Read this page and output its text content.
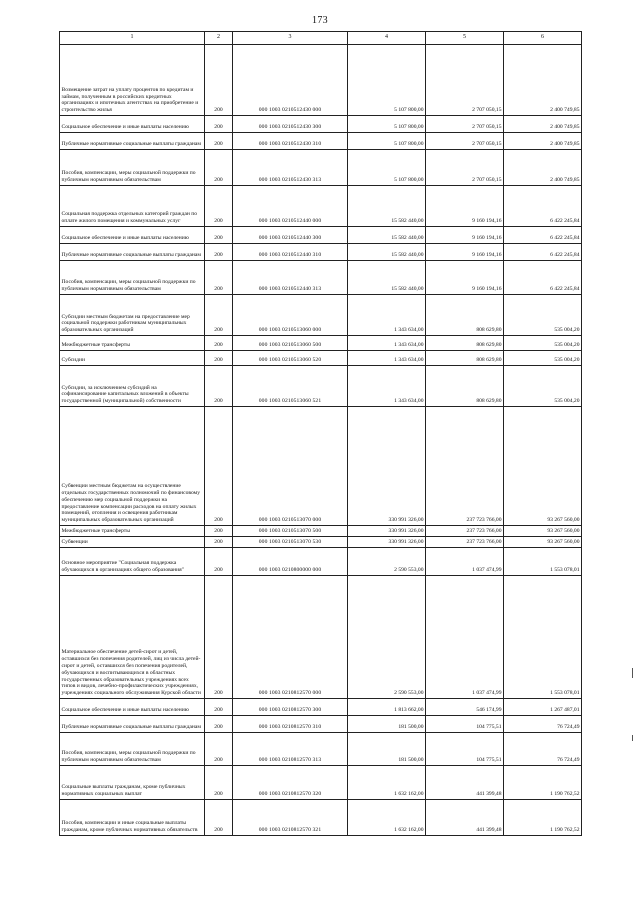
173
1	2	3	4	5	6
Возмещение затрат на уплату процентов по кредитам и займам, полученным в российских кредитных организациях и ипотечных агентствах на приобретение и строительство жилья	200	000 1003 0210512430 000	5 107 800,00	2 707 050,15	2 400 749,85
Социальное обеспечение и иные выплаты населению	200	000 1003 0210512430 300	5 107 800,00	2 707 050,15	2 400 749,85
Публичные нормативные социальные выплаты гражданам	200	000 1003 0210512430 310	5 107 800,00	2 707 050,15	2 400 749,85
Пособия, компенсации, меры социальной поддержки по публичным нормативным обязательствам	200	000 1003 0210512430 313	5 107 800,00	2 707 050,15	2 400 749,85
Социальная поддержка отдельных категорий граждан по оплате жилого помещения и коммунальных услуг	200	000 1003 0210512440 000	15 582 440,00	9 160 194,16	6 422 245,84
Социальное обеспечение и иные выплаты населению	200	000 1003 0210512440 300	15 582 440,00	9 160 194,16	6 422 245,84
Публичные нормативные социальные выплаты гражданам	200	000 1003 0210512440 310	15 582 440,00	9 160 194,16	6 422 245,84
Пособия, компенсации, меры социальной поддержки по публичным нормативным обязательствам	200	000 1003 0210512440 313	15 582 440,00	9 160 194,16	6 422 245,84
Субсидии местным бюджетам на предоставление мер социальной поддержки работникам муниципальных образовательных организаций	200	000 1003 0210513060 000	1 343 634,00	808 629,80	535 004,20
Межбюджетные трансферты	200	000 1003 0210513060 500	1 343 634,00	808 629,80	535 004,20
Субсидии	200	000 1003 0210513060 520	1 343 634,00	808 629,80	535 004,20
Субсидии, за исключением субсидий на софинансирование капитальных вложений в объекты государственной (муниципальной) собственности	200	000 1003 0210513060 521	1 343 634,00	808 629,80	535 004,20
Субвенции местным бюджетам на осуществление отдельных государственных полномочий по финансовому обеспечению мер социальной поддержки на предоставление компенсации расходов на оплату жилых помещений, отопления и освещения работникам муниципальных образовательных организаций	200	000 1003 0210513070 000	330 991 326,00	237 723 766,00	93 267 560,00
Межбюджетные трансферты	200	000 1003 0210513070 500	330 991 326,00	237 723 766,00	93 267 560,00
Субвенции	200	000 1003 0210513070 530	330 991 326,00	237 723 766,00	93 267 560,00
Основное мероприятие "Социальная поддержка обучающихся в организациях общего образования"	200	000 1003 0210800000 000	2 590 553,00	1 037 474,99	1 553 078,01
Материальное обеспечение детей-сирот и детей, оставшихся без попечения родителей, лиц из числа детей-сирот и детей, оставшихся без попечения родителей, обучающихся и воспитывающихся в областных государственных образовательных учреждениях всех типов и видов, лечебно-профилактических учреждениях, учреждениях социального обслуживания Курской области	200	000 1003 0210812570 000	2 590 553,00	1 037 474,99	1 553 078,01
Социальное обеспечение и иные выплаты населению	200	000 1003 0210812570 300	1 813 662,00	546 174,99	1 267 487,01
Публичные нормативные социальные выплаты гражданам	200	000 1003 0210812570 310	181 500,00	104 775,51	76 724,49
Пособия, компенсации, меры социальной поддержки по публичным нормативным обязательствам	200	000 1003 0210812570 313	181 500,00	104 775,51	76 724,49
Социальные выплаты гражданам, кроме публичных нормативных социальных выплат	200	000 1003 0210812570 320	1 632 162,00	441 399,48	1 190 762,52
Пособия, компенсации и иные социальные выплаты гражданам, кроме публичных нормативных обязательств	200	000 1003 0210812570 321	1 632 162,00	441 399,48	1 190 762,52
